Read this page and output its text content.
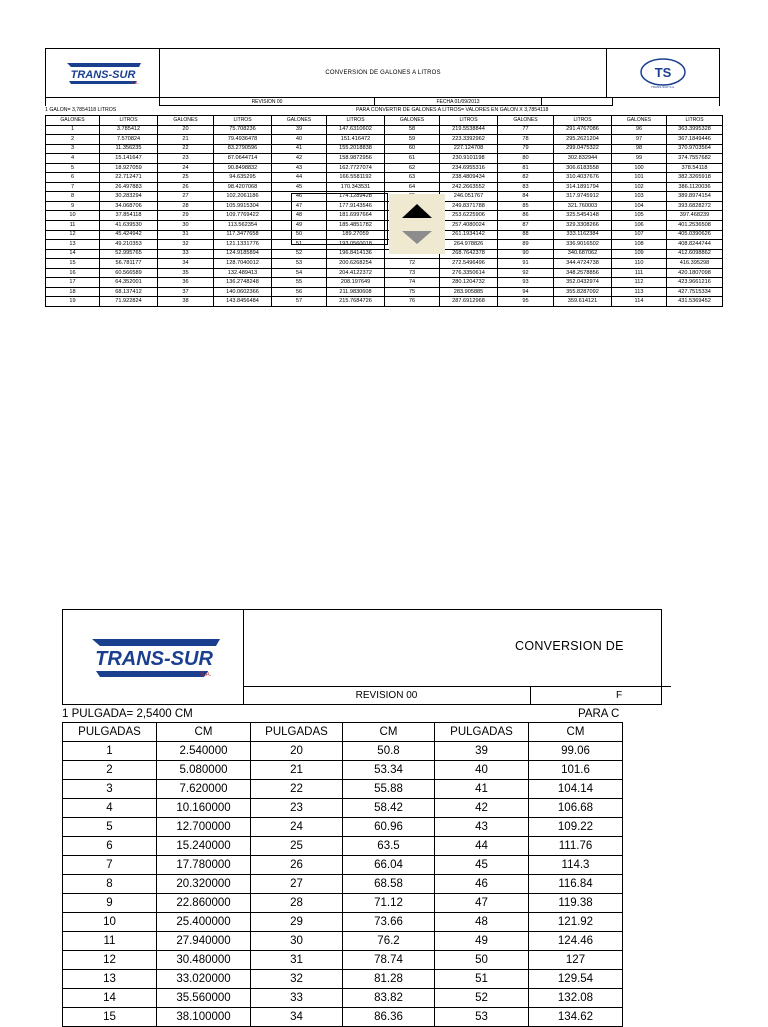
TRANS-SUR
S.A.
CONVERSION DE GALONES A LITROS	TS
TRANS-SUR S.A.
REVISION 00	FECHA 01/09/2013
1 GALON= 3,7854118 LITROS	PARA CONVERTIR DE GALONES A LITROS= VALORES EN GALON X 3,7854118
GALONES	LITROS	GALONES	LITROS	GALONES	LITROS	GALONES	LITROS	GALONES	LITROS	GALONES	LITROS
1	3.785412	20	75.708236	39	147.6310602	58	219.5538844	77	291.4767086	96	363.3995328
2	7.570824	21	79.4936478	40	151.416472	59	223.3392962	78	295.2621204	97	367.1849446
3	11.356235	22	83.2790596	41	155.2018838	60	227.124708	79	299.0475322	98	370.9703564
4	15.141647	23	87.0644714	42	158.9872956	61	230.9101198	80	302.832944	99	374.7557682
5	18.927059	24	90.8498832	43	162.7727074	62	234.6955316	81	306.6183558	100	378.54118
6	22.712471	25	94.635295	44	166.5581192	63	238.4809434	82	310.4037676	101	382.3265918
7	26.497883	26	98.4207068	45	170.343531	64	242.2663552	83	314.1891794	102	386.1120036
8	30.283294	27	102.2061186	46	174.1289428		246.051767	84	317.9745912	103	389.8974154
9	34.068706	28	105.9915304	47	177.9143546		249.8371788	85	321.760003	104	393.6828272
10	37.854118	29	109.7769422	48	181.6997664		253.6225906	86	325.5454148	105	397.468239
11	41.639530	30	113.562354	49	185.4851782		257.4080024	87	329.3308266	106	401.2536508
12	45.424942	31	117.3477658	50	189.27059		261.1934142	88	333.1162384	107	405.0390626
13	49.210353	32	121.1331776	51	193.0560018		264.978826	89	336.9016502	108	408.8244744
14	52.995765	33	124.9185894	52	196.8414136		268.7642378	90	340.687062	109	412.6098862
15	56.781177	34	128.7040012	53	200.6268254	72	272.5496496	91	344.4724738	110	416.395298
16	60.566589	35	132.489413	54	204.4122372	73	276.3350614	92	348.2578856	111	420.1807098
17	64.352001	36	136.2748248	55	208.197649	74	280.1204732	93	352.0432974	112	423.9661216
18	68.137412	37	140.0602366	56	211.9830608	75	283.905885	94	355.8287092	113	427.7515334
19	71.922824	38	143.8456484	57	215.7684726	76	287.6912968	95	359.614121	114	431.5369452
TRANS-SUR
S.A.
CONVERSION DE
REVISION 00	F
1 PULGADA= 2,5400 CM	PARA C
PULGADAS	CM	PULGADAS	CM	PULGADAS	CM
1	2.540000	20	50.8	39	99.06
2	5.080000	21	53.34	40	101.6
3	7.620000	22	55.88	41	104.14
4	10.160000	23	58.42	42	106.68
5	12.700000	24	60.96	43	109.22
6	15.240000	25	63.5	44	111.76
7	17.780000	26	66.04	45	114.3
8	20.320000	27	68.58	46	116.84
9	22.860000	28	71.12	47	119.38
10	25.400000	29	73.66	48	121.92
11	27.940000	30	76.2	49	124.46
12	30.480000	31	78.74	50	127
13	33.020000	32	81.28	51	129.54
14	35.560000	33	83.82	52	132.08
15	38.100000	34	86.36	53	134.62
